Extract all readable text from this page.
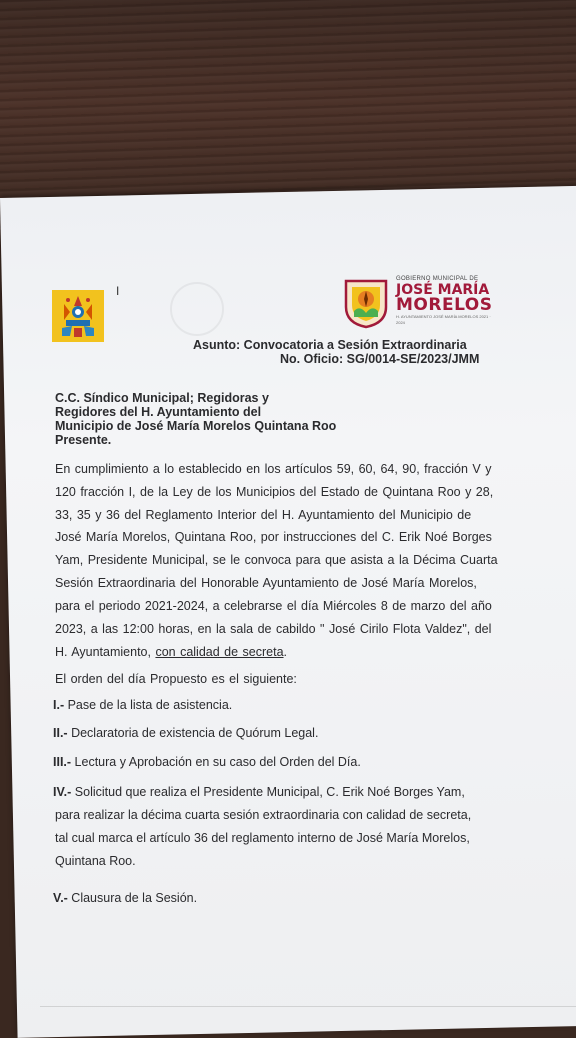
I
GOBIERNO MUNICIPAL DE
JOSÉ MARÍA
MORELOS
H. AYUNTAMIENTO JOSÉ MARÍA MORELOS 2021 · 2024
Asunto: Convocatoria a Sesión Extraordinaria
No. Oficio: SG/0014-SE/2023/JMM
C.C. Síndico Municipal; Regidoras y
Regidores del H. Ayuntamiento del
Municipio de José María Morelos Quintana Roo
Presente.
En cumplimiento a lo establecido en los artículos 59, 60, 64, 90, fracción V y
120 fracción I, de la Ley de los Municipios del Estado de Quintana Roo y 28,
33, 35 y 36 del Reglamento Interior del H. Ayuntamiento del Municipio de
José María Morelos, Quintana Roo, por instrucciones del C. Erik Noé Borges
Yam, Presidente Municipal, se le convoca para que asista a la Décima Cuarta
Sesión Extraordinaria del Honorable Ayuntamiento de José María Morelos,
para el periodo 2021-2024, a celebrarse el día Miércoles 8 de marzo del año
2023, a las 12:00 horas, en la sala de cabildo " José Cirilo Flota Valdez", del
H. Ayuntamiento, con calidad de secreta.
El orden del día Propuesto es el siguiente:
I.- Pase de la lista de asistencia.
II.- Declaratoria de existencia de Quórum Legal.
III.- Lectura y Aprobación en su caso del Orden del Día.
IV.- Solicitud que realiza el Presidente Municipal, C. Erik Noé Borges Yam,
para realizar la décima cuarta sesión extraordinaria con calidad de secreta,
tal cual marca el artículo 36 del reglamento interno de José María Morelos,
Quintana Roo.
V.- Clausura de la Sesión.
